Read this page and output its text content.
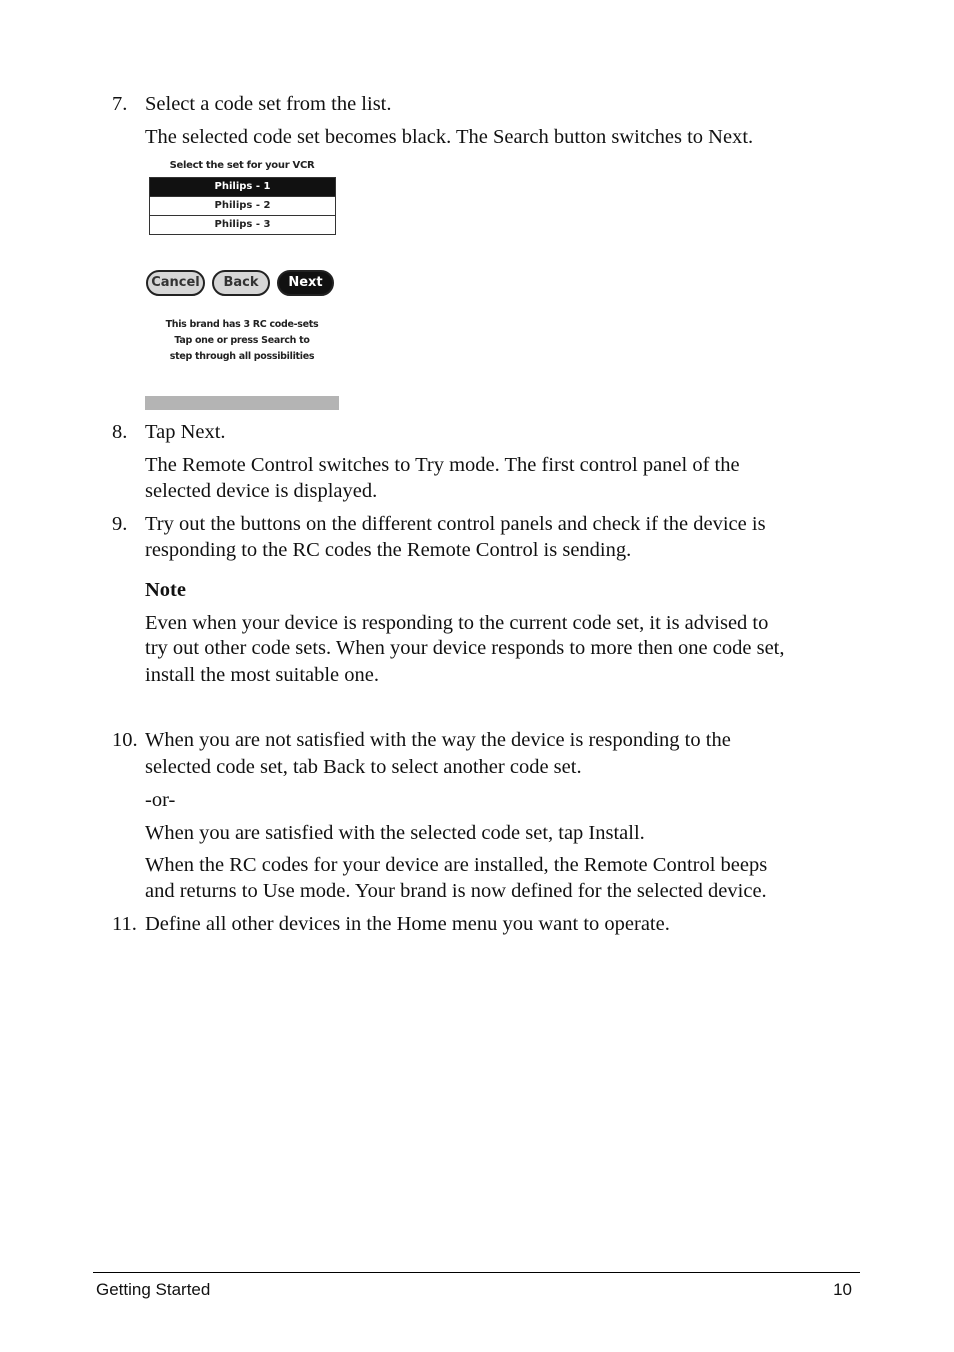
7. Select a code set from the list.
The selected code set becomes black. The Search button switches to Next.
Select the set for your VCR
Philips - 1
Philips - 2
Philips - 3
Cancel	Back	Next
This brand has 3 RC code-sets
Tap one or press Search to
step through all possibilities
8. Tap Next.
The Remote Control switches to Try mode. The first control panel of the
selected device is displayed.
9. Try out the buttons on the different control panels and check if the device is
responding to the RC codes the Remote Control is sending.
Note
Even when your device is responding to the current code set, it is advised to
try out other code sets. When your device responds to more then one code set,
install the most suitable one.
10. When you are not satisfied with the way the device is responding to the
selected code set, tab Back to select another code set.
-or-
When you are satisfied with the selected code set, tap Install.
When the RC codes for your device are installed, the Remote Control beeps
and returns to Use mode. Your brand is now defined for the selected device.
11. Define all other devices in the Home menu you want to operate.
Getting Started	10
